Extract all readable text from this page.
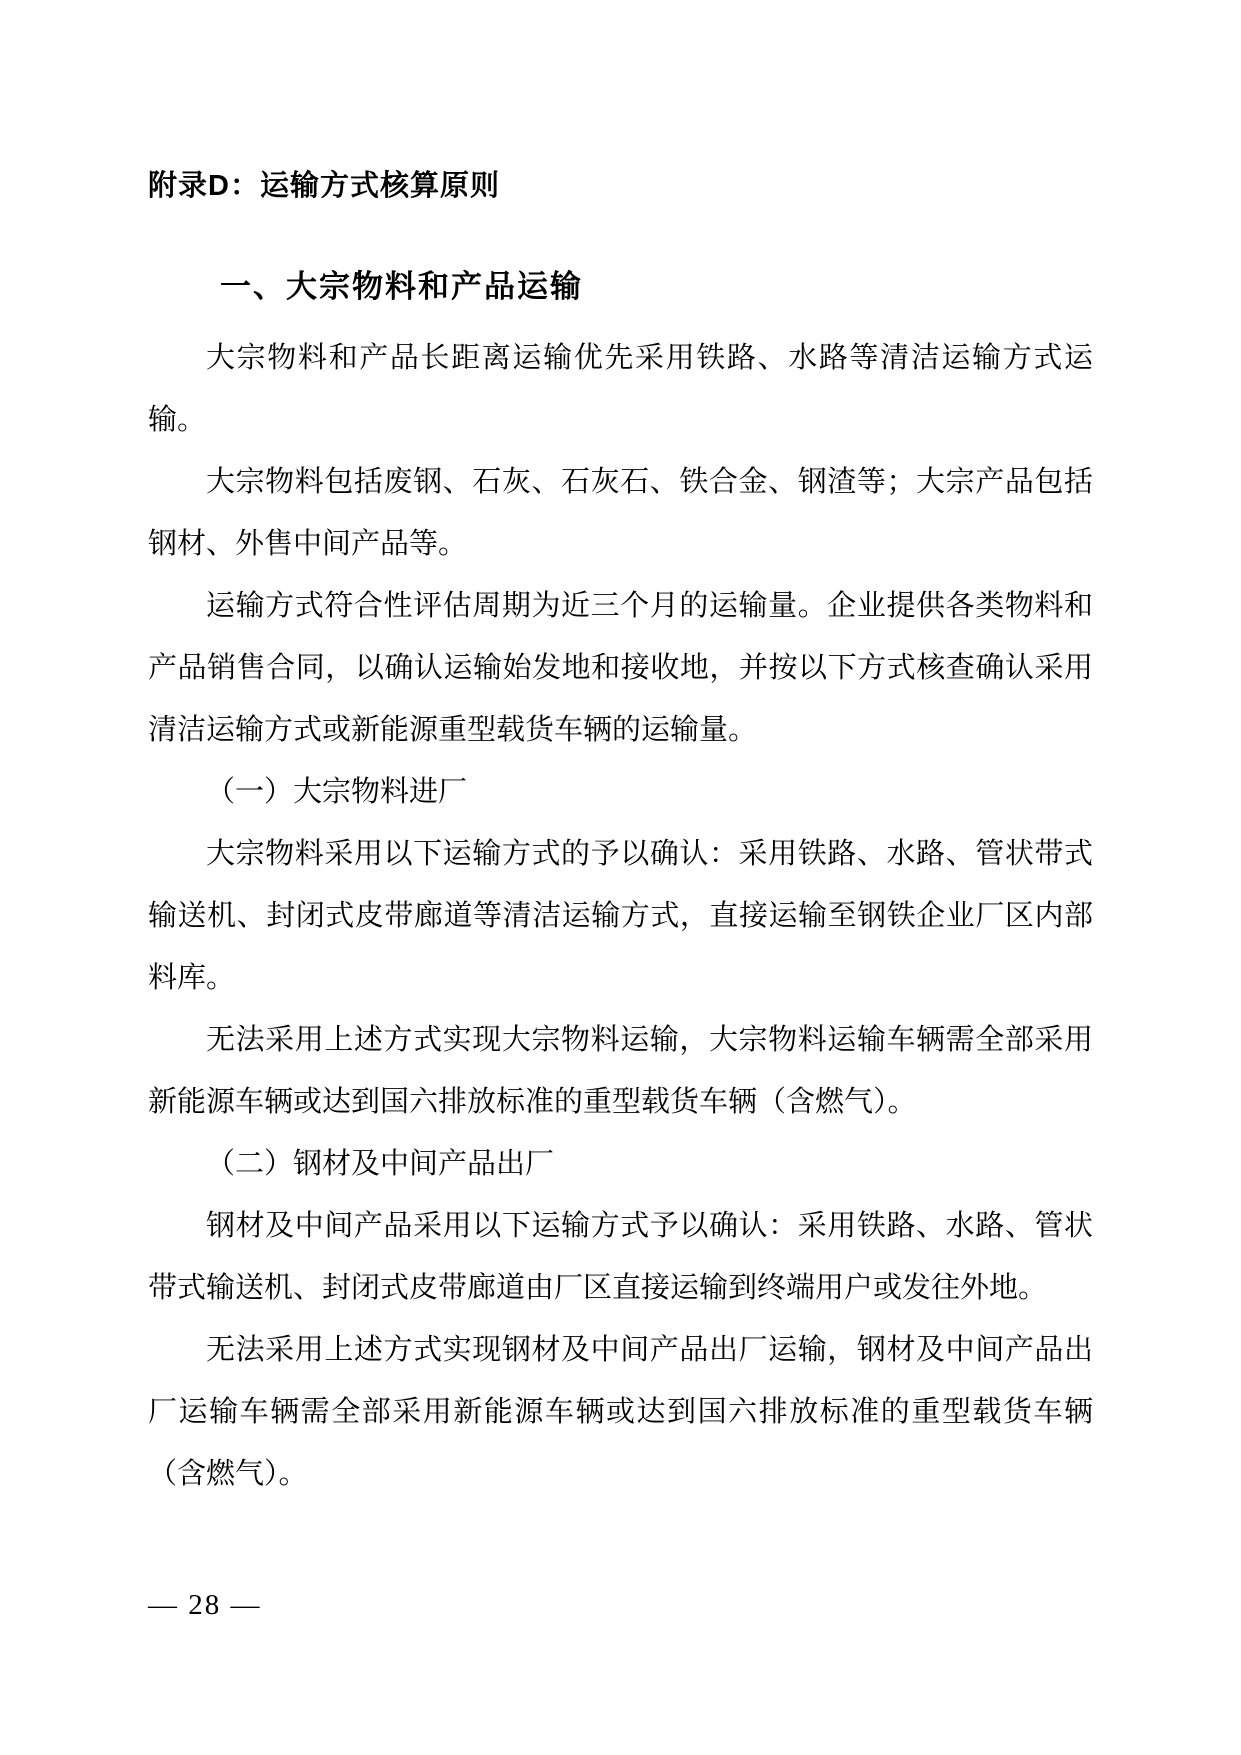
附录D：运输方式核算原则
一、大宗物料和产品运输

大宗物料和产品长距离运输优先采用铁路、水路等清洁运输方式运输。

大宗物料包括废钢、石灰、石灰石、铁合金、钢渣等；大宗产品包括钢材、外售中间产品等。

运输方式符合性评估周期为近三个月的运输量。企业提供各类物料和产品销售合同，以确认运输始发地和接收地，并按以下方式核查确认采用清洁运输方式或新能源重型载货车辆的运输量。

（一）大宗物料进厂

大宗物料采用以下运输方式的予以确认：采用铁路、水路、管状带式输送机、封闭式皮带廊道等清洁运输方式，直接运输至钢铁企业厂区内部料库。

无法采用上述方式实现大宗物料运输，大宗物料运输车辆需全部采用新能源车辆或达到国六排放标准的重型载货车辆（含燃气）。

（二）钢材及中间产品出厂

钢材及中间产品采用以下运输方式予以确认：采用铁路、水路、管状带式输送机、封闭式皮带廊道由厂区直接运输到终端用户或发往外地。

无法采用上述方式实现钢材及中间产品出厂运输，钢材及中间产品出厂运输车辆需全部采用新能源车辆或达到国六排放标准的重型载货车辆（含燃气）。

— 28 —
